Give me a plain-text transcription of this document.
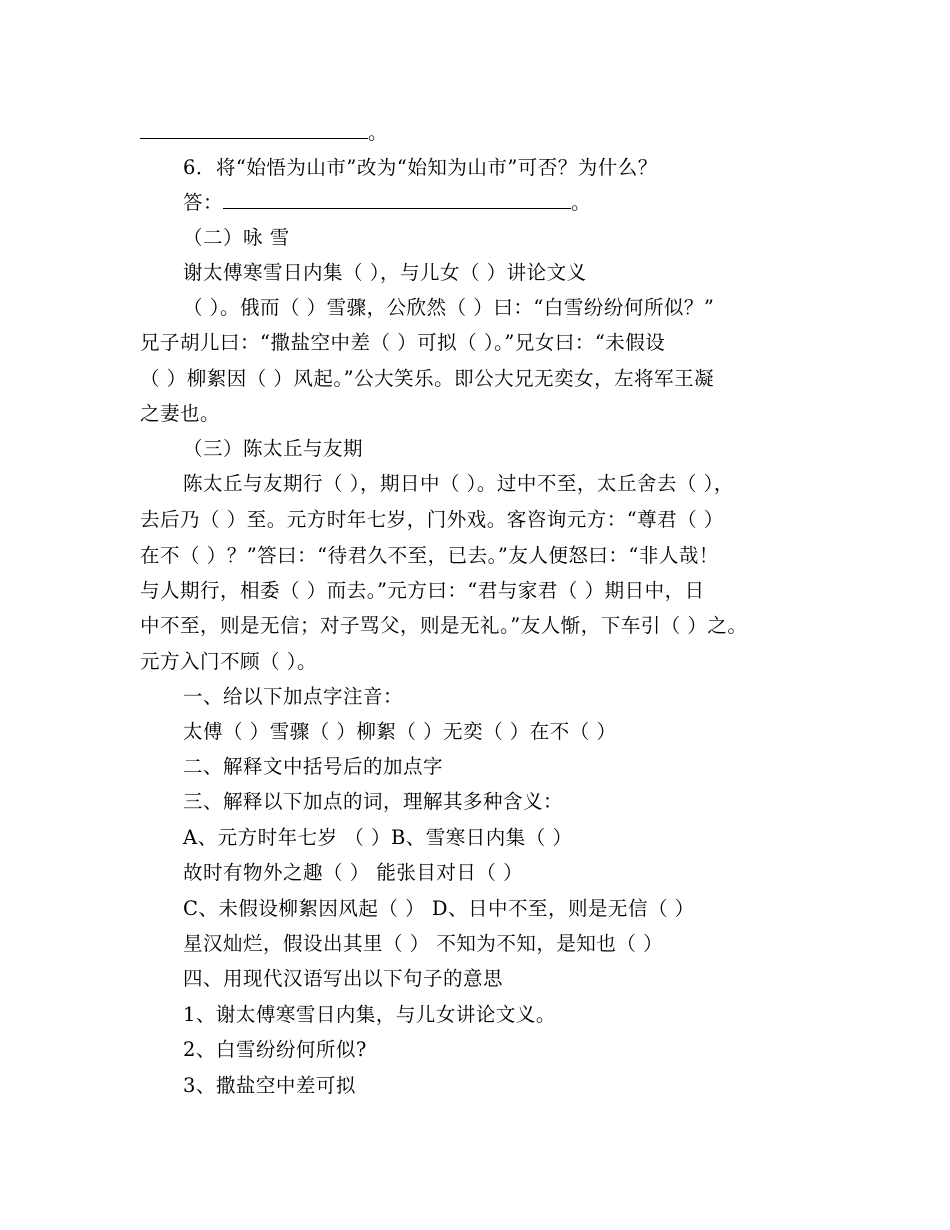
。
6．将“始悟为山市”改为“始知为山市”可否？为什么？
答：	。
（二）咏 雪
谢太傅寒雪日内集（ ），与儿女（ ）讲论文义
（ ）。俄而（ ）雪骤，公欣然（ ）曰：“白雪纷纷何所似？”
兄子胡儿曰：“撒盐空中差（ ）可拟（ ）。”兄女曰：“未假设
（ ）柳絮因（ ）风起。”公大笑乐。即公大兄无奕女，左将军王凝
之妻也。
（三）陈太丘与友期
陈太丘与友期行（ ），期日中（ ）。过中不至，太丘舍去（ ），
去后乃（ ）至。元方时年七岁，门外戏。客咨询元方：“尊君（ ）
在不（ ）？”答曰：“待君久不至，已去。”友人便怒曰：“非人哉！
与人期行，相委（ ）而去。”元方曰：“君与家君（ ）期日中，日
中不至，则是无信；对子骂父，则是无礼。”友人惭，下车引（ ）之。
元方入门不顾（ ）。
一、给以下加点字注音：
太傅（ ）雪骤（ ）柳絮（ ）无奕（ ）在不（ ）
二、解释文中括号后的加点字
三、解释以下加点的词，理解其多种含义：
A、元方时年七岁 （ ）B、雪寒日内集（ ）
故时有物外之趣（ ） 能张目对日（ ）
C、未假设柳絮因风起（ ） D、日中不至，则是无信（ ）
星汉灿烂，假设出其里（ ） 不知为不知，是知也（ ）
四、用现代汉语写出以下句子的意思
1、谢太傅寒雪日内集，与儿女讲论文义。
2、白雪纷纷何所似?
3、撒盐空中差可拟
